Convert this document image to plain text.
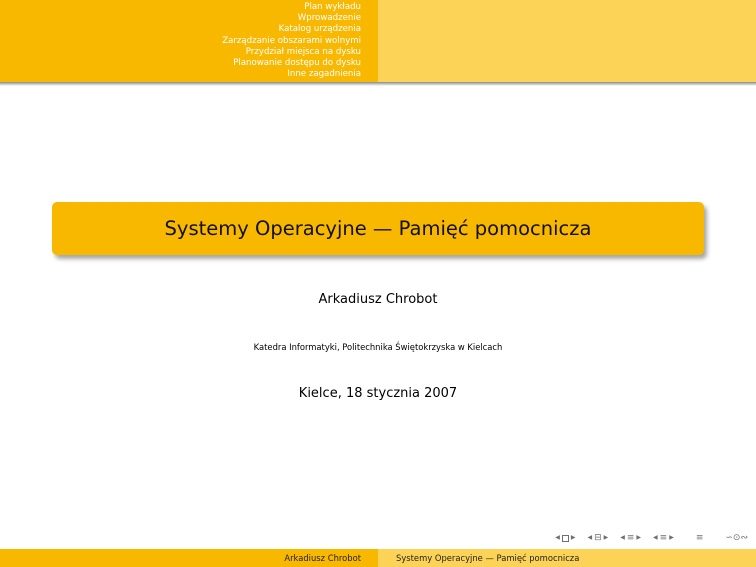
Plan wykładu
Wprowadzenie
Katalog urządzenia
Zarządzanie obszarami wolnymi
Przydział miejsca na dysku
Planowanie dostępu do dysku
Inne zagadnienia
Systemy Operacyjne — Pamięć pomocnicza
Arkadiusz Chrobot
Katedra Informatyki, Politechnika Świętokrzyska w Kielcach
Kielce, 18 stycznia 2007
◀ ▶ ◀ ⊟ ▶ ◀ ≡ ▶ ◀ ≡ ▶ ≡ ∽⊙∾
Arkadiusz Chrobot	Systemy Operacyjne — Pamięć pomocnicza
